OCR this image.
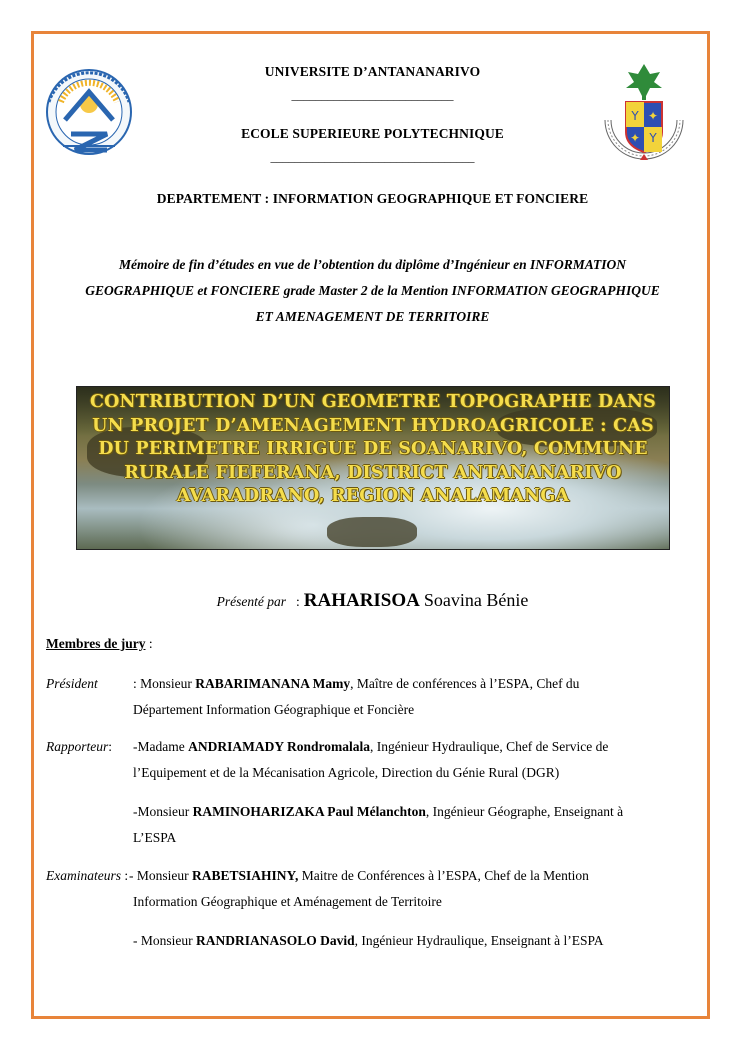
Y ✦
✦ Y
UNIVERSITE D’ANTANANARIVO
___________________________
ECOLE SUPERIEURE POLYTECHNIQUE
__________________________________
DEPARTEMENT : INFORMATION GEOGRAPHIQUE ET FONCIERE
Mémoire de fin d’études en vue de l’obtention du diplôme d’Ingénieur en INFORMATION
GEOGRAPHIQUE et FONCIERE grade Master 2 de la Mention INFORMATION GEOGRAPHIQUE
ET AMENAGEMENT DE TERRITOIRE
CONTRIBUTION D’UN GEOMETRE TOPOGRAPHE DANS
UN PROJET D’AMENAGEMENT HYDROAGRICOLE : CAS
DU PERIMETRE IRRIGUE DE SOANARIVO, COMMUNE
RURALE FIEFERANA, DISTRICT ANTANANARIVO
AVARADRANO, REGION ANALAMANGA
Présenté par : RAHARISOA Soavina Bénie
Membres de jury :
Président	: Monsieur RABARIMANANA Mamy, Maître de conférences à l’ESPA, Chef du
Département Information Géographique et Foncière
Rapporteur: -Madame ANDRIAMADY Rondromalala, Ingénieur Hydraulique, Chef de Service de
l’Equipement et de la Mécanisation Agricole, Direction du Génie Rural (DGR)
-Monsieur RAMINOHARIZAKA Paul Mélanchton, Ingénieur Géographe, Enseignant à
L’ESPA
Examinateurs : - Monsieur RABETSIAHINY, Maitre de Conférences à l’ESPA, Chef de la Mention
Information Géographique et Aménagement de Territoire
- Monsieur RANDRIANASOLO David, Ingénieur Hydraulique, Enseignant à l’ESPA
